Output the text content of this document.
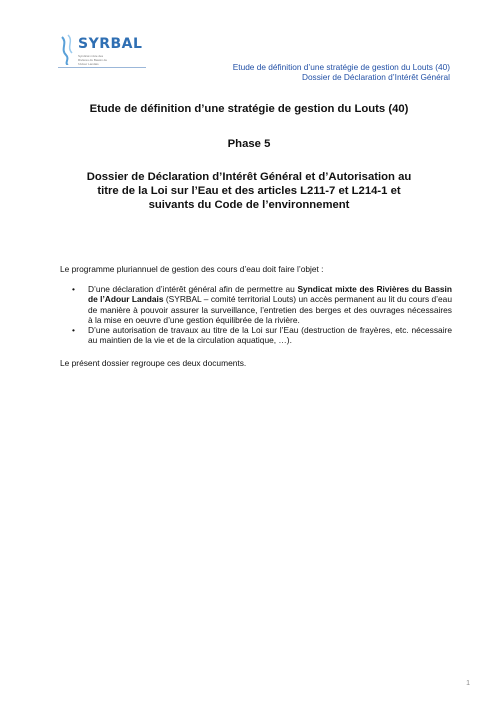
SYRBAL
Syndicat mixte des Rivières du Bassin de l'Adour Landais	Etude de définition d’une stratégie de gestion du Louts (40)
Dossier de Déclaration d’Intérêt Général
Etude de définition d’une stratégie de gestion du Louts (40)
Phase 5
Dossier de Déclaration d’Intérêt Général et d’Autorisation au titre de la Loi sur l’Eau et des articles L211-7 et L214-1 et suivants du Code de l’environnement
Le programme pluriannuel de gestion des cours d’eau doit faire l’objet :
• D’une déclaration d’intérêt général afin de permettre au Syndicat mixte des Rivières du Bassin de l’Adour Landais (SYRBAL – comité territorial Louts) un accès permanent au lit du cours d’eau de manière à pouvoir assurer la surveillance, l’entretien des berges et des ouvrages nécessaires à la mise en oeuvre d’une gestion équilibrée de la rivière.
• D’une autorisation de travaux au titre de la Loi sur l’Eau (destruction de frayères, etc. nécessaire au maintien de la vie et de la circulation aquatique, …).
Le présent dossier regroupe ces deux documents.
1
